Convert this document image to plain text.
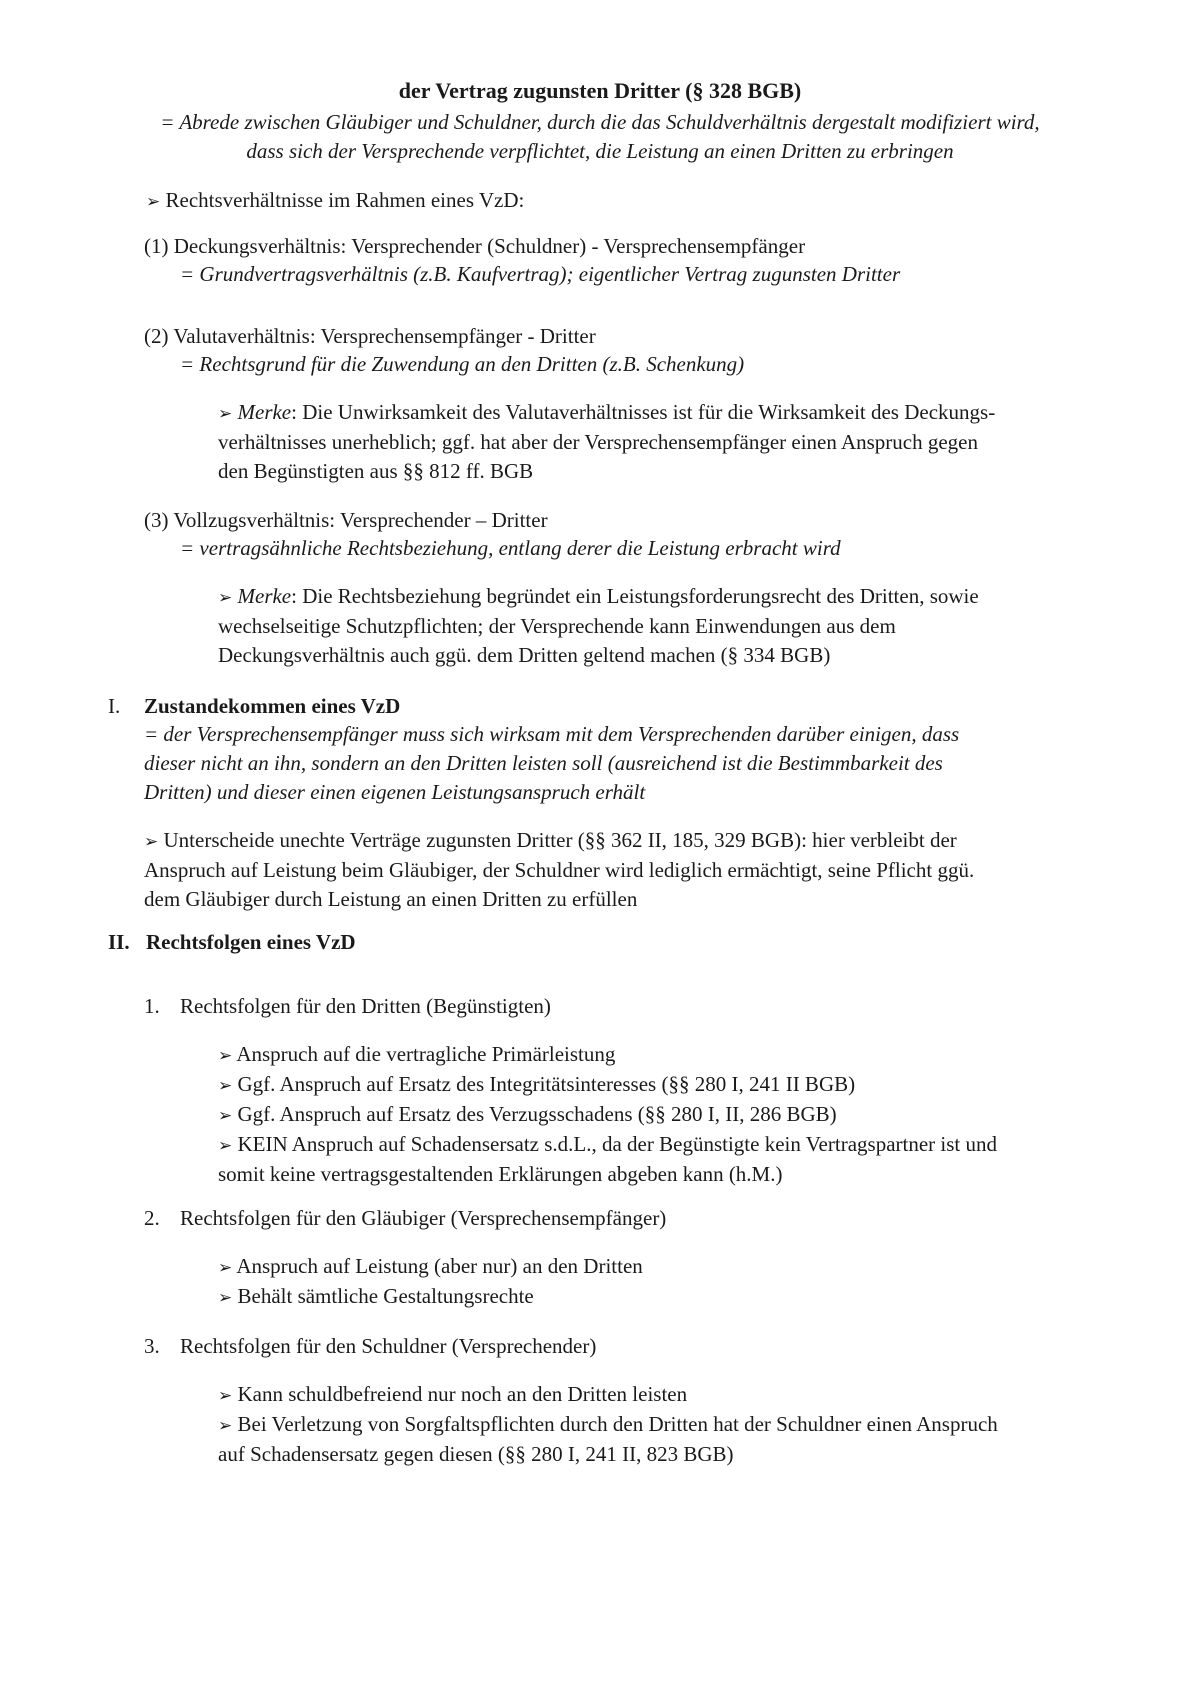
der Vertrag zugunsten Dritter (§ 328 BGB)
= Abrede zwischen Gläubiger und Schuldner, durch die das Schuldverhältnis dergestalt modifiziert wird,
dass sich der Versprechende verpflichtet, die Leistung an einen Dritten zu erbringen
➢ Rechtsverhältnisse im Rahmen eines VzD:
(1) Deckungsverhältnis: Versprechender (Schuldner) - Versprechensempfänger
= Grundvertragsverhältnis (z.B. Kaufvertrag); eigentlicher Vertrag zugunsten Dritter
(2) Valutaverhältnis: Versprechensempfänger - Dritter
= Rechtsgrund für die Zuwendung an den Dritten (z.B. Schenkung)
➢ Merke: Die Unwirksamkeit des Valutaverhältnisses ist für die Wirksamkeit des Deckungs-
verhältnisses unerheblich; ggf. hat aber der Versprechensempfänger einen Anspruch gegen
den Begünstigten aus §§ 812 ff. BGB
(3) Vollzugsverhältnis: Versprechender – Dritter
= vertragsähnliche Rechtsbeziehung, entlang derer die Leistung erbracht wird
➢ Merke: Die Rechtsbeziehung begründet ein Leistungsforderungsrecht des Dritten, sowie
wechselseitige Schutzpflichten; der Versprechende kann Einwendungen aus dem
Deckungsverhältnis auch ggü. dem Dritten geltend machen (§ 334 BGB)
I. Zustandekommen eines VzD
= der Versprechensempfänger muss sich wirksam mit dem Versprechenden darüber einigen, dass
dieser nicht an ihn, sondern an den Dritten leisten soll (ausreichend ist die Bestimmbarkeit des
Dritten) und dieser einen eigenen Leistungsanspruch erhält
➢ Unterscheide unechte Verträge zugunsten Dritter (§§ 362 II, 185, 329 BGB): hier verbleibt der
Anspruch auf Leistung beim Gläubiger, der Schuldner wird lediglich ermächtigt, seine Pflicht ggü.
dem Gläubiger durch Leistung an einen Dritten zu erfüllen
II. Rechtsfolgen eines VzD
1. Rechtsfolgen für den Dritten (Begünstigten)
➢ Anspruch auf die vertragliche Primärleistung
➢ Ggf. Anspruch auf Ersatz des Integritätsinteresses (§§ 280 I, 241 II BGB)
➢ Ggf. Anspruch auf Ersatz des Verzugsschadens (§§ 280 I, II, 286 BGB)
➢ KEIN Anspruch auf Schadensersatz s.d.L., da der Begünstigte kein Vertragspartner ist und
somit keine vertragsgestaltenden Erklärungen abgeben kann (h.M.)
2. Rechtsfolgen für den Gläubiger (Versprechensempfänger)
➢ Anspruch auf Leistung (aber nur) an den Dritten
➢ Behält sämtliche Gestaltungsrechte
3. Rechtsfolgen für den Schuldner (Versprechender)
➢ Kann schuldbefreiend nur noch an den Dritten leisten
➢ Bei Verletzung von Sorgfaltspflichten durch den Dritten hat der Schuldner einen Anspruch
auf Schadensersatz gegen diesen (§§ 280 I, 241 II, 823 BGB)
